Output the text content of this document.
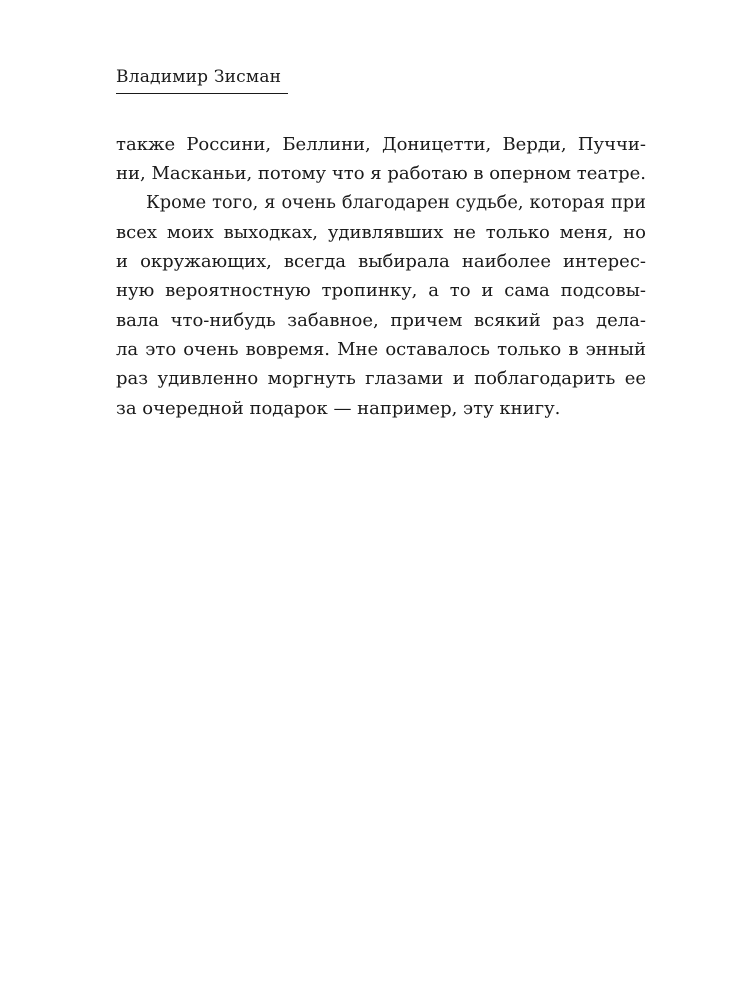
Владимир Зисман
также Россини, Беллини, Доницетти, Верди, Пуччи-
ни, Масканьи, потому что я работаю в оперном театре.
Кроме того, я очень благодарен судьбе, которая при
всех моих выходках, удивлявших не только меня, но
и окружающих, всегда выбирала наиболее интерес-
ную вероятностную тропинку, а то и сама подсовы-
вала что-нибудь забавное, причем всякий раз дела-
ла это очень вовремя. Мне оставалось только в энный
раз удивленно моргнуть глазами и поблагодарить ее
за очередной подарок — например, эту книгу.
